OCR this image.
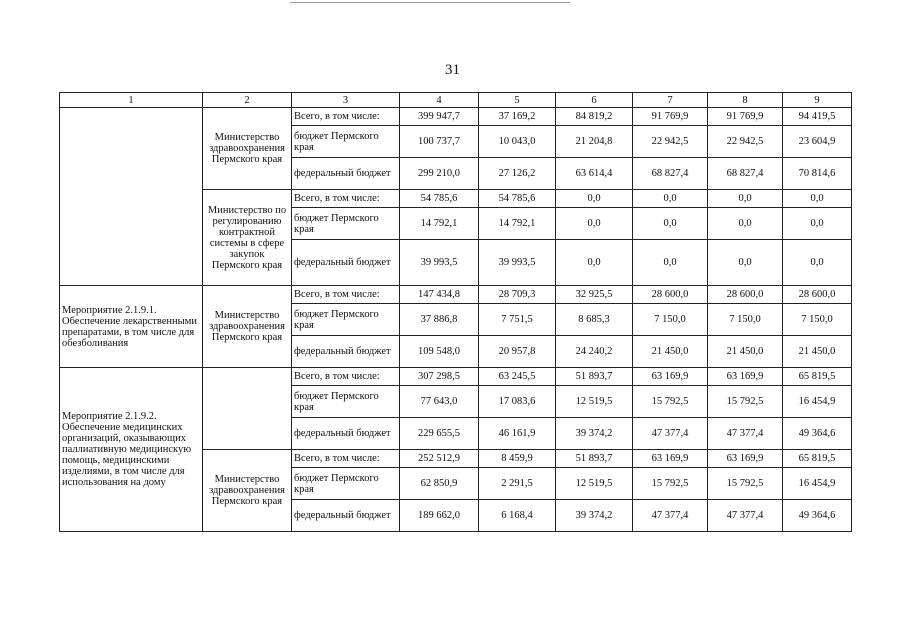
31
1	2	3	4	5	6	7	8	9
	Министерство здравоохранения Пермского края	Всего, в том числе:	399 947,7	37 169,2	84 819,2	91 769,9	91 769,9	94 419,5
		бюджет Пермского края	100 737,7	10 043,0	21 204,8	22 942,5	22 942,5	23 604,9
		федеральный бюджет	299 210,0	27 126,2	63 614,4	68 827,4	68 827,4	70 814,6
	Министерство по регулированию контрактной системы в сфере закупок Пермского края	Всего, в том числе:	54 785,6	54 785,6	0,0	0,0	0,0	0,0
		бюджет Пермского края	14 792,1	14 792,1	0,0	0,0	0,0	0,0
		федеральный бюджет	39 993,5	39 993,5	0,0	0,0	0,0	0,0
Мероприятие 2.1.9.1. Обеспечение лекарственными препаратами, в том числе для обезболивания	Министерство здравоохранения Пермского края	Всего, в том числе:	147 434,8	28 709,3	32 925,5	28 600,0	28 600,0	28 600,0
		бюджет Пермского края	37 886,8	7 751,5	8 685,3	7 150,0	7 150,0	7 150,0
		федеральный бюджет	109 548,0	20 957,8	24 240,2	21 450,0	21 450,0	21 450,0
Мероприятие 2.1.9.2. Обеспечение медицинских организаций, оказывающих паллиативную медицинскую помощь, медицинскими изделиями, в том числе для использования на дому		Всего, в том числе:	307 298,5	63 245,5	51 893,7	63 169,9	63 169,9	65 819,5
		бюджет Пермского края	77 643,0	17 083,6	12 519,5	15 792,5	15 792,5	16 454,9
		федеральный бюджет	229 655,5	46 161,9	39 374,2	47 377,4	47 377,4	49 364,6
	Министерство здравоохранения Пермского края	Всего, в том числе:	252 512,9	8 459,9	51 893,7	63 169,9	63 169,9	65 819,5
		бюджет Пермского края	62 850,9	2 291,5	12 519,5	15 792,5	15 792,5	16 454,9
		федеральный бюджет	189 662,0	6 168,4	39 374,2	47 377,4	47 377,4	49 364,6
